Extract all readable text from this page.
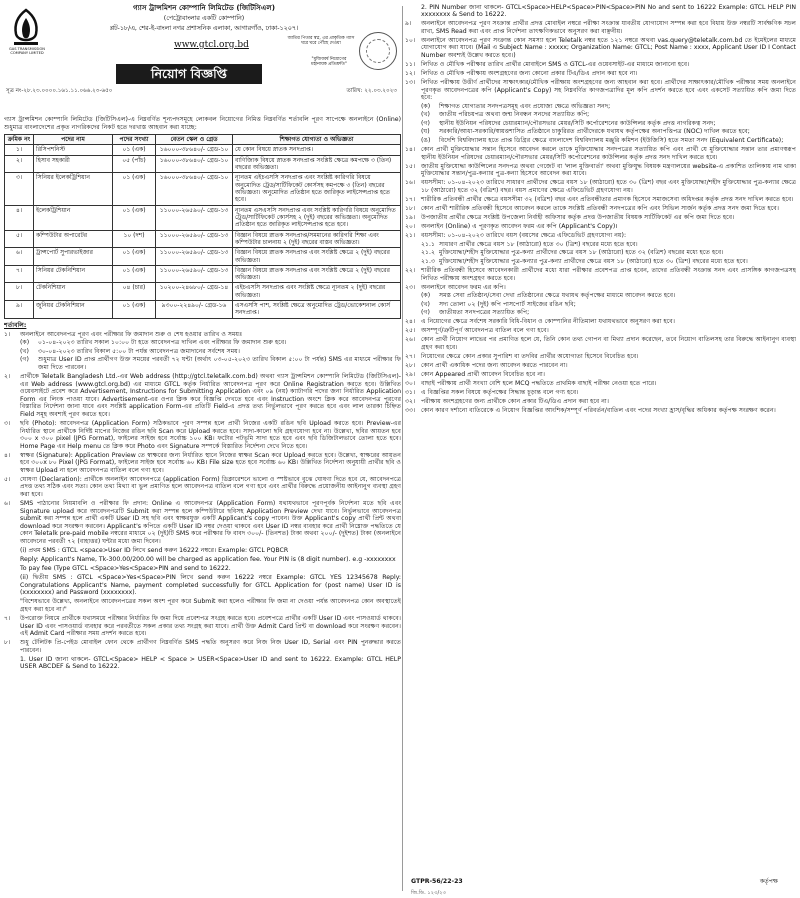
GAS TRANSMISSION COMPANY LIMITED
গ্যাস ট্রান্সমিশন কোম্পানি লিমিটেড (জিটিসিএল)
(পেট্রোবাংলার একটি কোম্পানি)
প্লট-১৮/এ, শের-ই-বাংলা নগর প্রশাসনিক এলাকা, আগারগাঁও, ঢাকা-১২০৭।
www.gtcl.org.bd
জাতির পিতার স্বপ্ন, এর প্রাকৃতিক গ্যাস ঘরে ঘরে পৌঁছে দেওয়া
"মুজিববর্ষ নিয়োগের মহানায়ক প্রতিশ্রুতি"
নিয়োগ বিজ্ঞপ্তি
সূত্র নং-২৮.২৩.০০০০.১৬১.১১.০৬৬.২৩-৬৫০	তারিখ: ২২.০৩.২০২৩
গ্যাস ট্রান্সমিশন কোম্পানি লিমিটেড (জিটিসিএল)-এ নিম্নবর্ণিত শূন্যপদসমূহে লোকবল নিয়োগের নিমিত্ত নিম্নবর্ণিত শর্তাবলি পূরণ সাপেক্ষে অনলাইনে (Online) শুধুমাত্র বাংলাদেশের প্রকৃত নাগরিকদের নিকট হতে দরখাস্ত আহবান করা যাচ্ছে:
ক্রমিক নং	পদের নাম	পদের সংখ্যা	বেতন স্কেল ও গ্রেড	শিক্ষাগত যোগ্যতা ও অভিজ্ঞতা
১।	রিসিপশনিস্ট	০১ (এক)	১৬০০০-৩৮৬৪০/- গ্রেড-১০	যে কোন বিষয়ে স্নাতক সনদপ্রাপ্ত।
২।	হিসাব সহকারী	০৫ (পাঁচ)	১৬০০০-৩৮৬৪০/- গ্রেড-১০	বাণিজ্যিক বিষয়ে স্নাতক সনদপ্রাপ্ত সংশ্লিষ্ট ক্ষেত্রে কমপক্ষে ৩ (তিন) বছরের অভিজ্ঞতা।
৩।	সিনিয়র ইলেকট্রিশিয়ান	০১ (এক)	১৬০০০-৩৮৬৪০/- গ্রেড-১০	ন্যূনতম এইচএসসি সনদপ্রাপ্ত এবং সংশ্লিষ্ট কারিগরি বিষয়ে অনুমোদিত ট্রেড/সার্টিফিকেট কোর্সসহ কমপক্ষে ৩ (তিন) বছরের অভিজ্ঞতা। অনুমোদিত প্রতিষ্ঠান হতে জারিকৃত লাইসেন্সপ্রাপ্ত হতে হবে।
৪।	ইলেকট্রিশিয়ান	০১ (এক)	১১০০০-২৬৫৯০/- গ্রেড-১৩	ন্যূনতম এসএসসি সনদপ্রাপ্ত এবং সংশ্লিষ্ট কারিগরি বিষয়ে অনুমোদিত ট্রেড/সার্টিফিকেট কোর্সসহ ২ (দুই) বছরের অভিজ্ঞতা। অনুমোদিত প্রতিষ্ঠান হতে জারিকৃত লাইসেন্সপ্রাপ্ত হতে হবে।
৫।	কম্পিউটার অপারেটর	১০ (দশ)	১১০০০-২৬৫৯০/- গ্রেড-১৩	বিজ্ঞান বিষয়ে স্নাতক সনদপ্রাপ্ত/সমমানের কারিগরি শিক্ষা এবং কম্পিউটার চালনায় ২ (দুই) বছরের বাস্তব অভিজ্ঞতা।
৬।	ট্রান্সপোর্ট সুপারভাইজার	০১ (এক)	১১০০০-২৬৫৯০/- গ্রেড-১৩	বিজ্ঞান বিষয়ে স্নাতক সনদপ্রাপ্ত এবং সংশ্লিষ্ট ক্ষেত্রে ২ (দুই) বছরের অভিজ্ঞতা।
৭।	সিনিয়র টেকনিশিয়ান	০১ (এক)	১১০০০-২৬৫৯০/- গ্রেড-১৩	বিজ্ঞান বিষয়ে স্নাতক সনদপ্রাপ্ত এবং সংশ্লিষ্ট ক্ষেত্রে ২ (দুই) বছরের অভিজ্ঞতা।
৮।	টেকনিশিয়ান	০৪ (চার)	১০২০০-২৪৬৮০/- গ্রেড-১৪	এইচএসসি সনদপ্রাপ্ত এবং সংশ্লিষ্ট ক্ষেত্রে ন্যূনতম ২ (দুই) বছরের অভিজ্ঞতা।
৯।	জুনিয়র টেকনিশিয়ান	০১ (এক)	৯৩০০-২২৪৯০/- গ্রেড-১৬	এসএসসি পাশ, সংশ্লিষ্ট ক্ষেত্রে অনুমোদিত ট্রেড/ভোকেশনাল কোর্স সনদপ্রাপ্ত।
শর্তাবলি:
১।	অনলাইনে আবেদনপত্র পূরণ এবং পরীক্ষার ফি জমাদান শুরু ও শেষ হওয়ার তারিখ ও সময়ঃ
(ক)	০১-০৪-২০২৩ তারিখ সকাল ১০:০০ টা হতে আবেদনপত্র দাখিল এবং পরীক্ষার ফি জমাদান শুরু হবে।
(খ)	৩০-০৪-২০২৩ তারিখ বিকাল ৫:০০ টা পর্যন্ত আবেদনপত্র জমাদানের সর্বশেষ সময়।
(গ)	শুধুমাত্র User ID প্রাপ্ত প্রার্থীগণ উক্ত সময়ের পরবর্তী ৭২ ঘন্টা (অর্থাৎ ০৩-০৫-২০২৩ তারিখ বিকাল ৫:০০ টা পর্যন্ত) SMS এর মাধ্যমে পরীক্ষার ফি জমা দিতে পারবেন।
২।	প্রার্থীকে Teletalk Bangladesh Ltd.-এর Web address (http://gtcl.teletalk.com.bd) অথবা গ্যাস ট্রান্সমিশন কোম্পানি লিমিটেড (জিটিসিএল)-এর Web address (www.gtcl.org.bd) এর মাধ্যমে GTCL কর্তৃক নির্ধারিত আবেদনপত্র পূরণ করে Online Registration করতে হবে। উল্লিখিত ওয়েবসাইটে প্রবেশ করে Advertisement, Instructions for Submitting Application এবং ০৯ (নয়) ক্যাটাগরি পদের জন্য নির্ধারিত Application Form এর লিংক পাওয়া যাবে। Advertisement-এর ওপর ক্লিক করে বিজ্ঞপ্তি দেখতে হবে এবং Instruction অংশে ক্লিক করে আবেদনপত্র পূরণের বিস্তারিত নির্দেশনা জানা যাবে এবং সংশ্লিষ্ট application Form-এর প্রতিটি Field-এ প্রদত্ত তথ্য নির্ভুলভাবে পূরণ করতে হবে এবং লাল তারকা চিহ্নিত Field সমূহ অবশ্যই পূরণ করতে হবে।
৩।	ছবি (Photo): আবেদনপত্র (Application Form) সঠিকভাবে পূরণ সম্পন্ন হলে প্রার্থী নিজের একটি রঙিন ছবি Upload করতে হবে। Preview-এর নির্ধারিত স্থানে প্রার্থীকে নির্দিষ্ট মাপের নিজের রঙিন ছবি Scan করে Upload করতে হবে। সাদা-কালো ছবি গ্রহণযোগ্য হবে না। উল্লেখ্য, ছবির আয়তন হবে ৩০০ x ৩০০ pixel (JPG Format), ফাইলের সাইজ হবে সর্বোচ্চ ১০০ KB। ফটোর পটভূমি সাদা হতে হবে এবং ছবি ডিজিটালভাবে তোলা হতে হবে। Home Page এর Help menu তে ক্লিক করে Photo এবং Signature সম্পর্কে বিস্তারিত নির্দেশনা দেখে নিতে হবে।
৪।	স্বাক্ষর (Signature): Application Preview তে স্বাক্ষরের জন্য নির্ধারিত স্থানে নিজের স্বাক্ষর Scan করে Upload করতে হবে। উল্লেখ্য, স্বাক্ষরের আয়তন হবে ৩০০x ৮০ Pixel (JPG Format), ফাইলের সাইজ হবে সর্বোচ্চ ৬০ KB। File size হতে হবে সর্বোচ্চ ৬০ KB। উল্লিখিত নির্দেশনা অনুযায়ী প্রার্থীর ছবি ও স্বাক্ষর Upload না হলে আবেদনপত্র বাতিল বলে গণ্য হবে।
৫।	ঘোষণা (Declaration): প্রার্থীকে অনলাইন আবেদনপত্রে (application Form) ডিক্লারেশনে ভালো ও স্পষ্টভাবে বুঝে ঘোষণা দিতে হবে যে, আবেদনপত্রে প্রদত্ত তথ্য সঠিক এবং সত্য। কোন তথ্য মিথ্যা বা ভুল প্রমাণিত হলে আবেদনপত্র বাতিল বলে গণ্য হবে এবং প্রার্থীর বিরুদ্ধে প্রয়োজনীয় আইনানুগ ব্যবস্থা গ্রহণ করা হবে।
৬।	SMS পাঠানোর নিয়মাবলি ও পরীক্ষার ফি প্রদান: Online এ আবেদনপত্র (Application Form) যথাযথভাবে পূরণপূর্বক নির্দেশনা মতে ছবি এবং Signature upload করে আবেদনপত্রটি Submit করা সম্পন্ন হলে কম্পিউটারে ছবিসহ Application Preview দেখা যাবে। নির্ভুলভাবে আবেদনপত্র submit করা সম্পন্ন হলে প্রার্থী একটি User ID সহ ছবি এবং স্বাক্ষরযুক্ত একটি Applicant's copy পাবেন। উক্ত Applicant's copy প্রার্থী প্রিন্ট অথবা download করে সংরক্ষণ করবেন। Applicant's কপিতে একটি User ID নম্বর দেওয়া থাকবে এবং User ID নম্বর ব্যবহার করে প্রার্থী নিম্নোক্ত পদ্ধতিতে যে কোন Teletalk pre-paid mobile নম্বরের মাধ্যমে ০২ (দুই)টি SMS করে পরীক্ষার ফি বাবদ ৩০০/- (তিনশত) টাকা অথবা ২০০/- (দুইশত) টাকা (অনলাইনে আবেদনের পরবর্তী ৭২ (বাহাত্তর) ঘন্টার মধ্যে জমা দিবেন।
(i) প্রথম SMS : GTCL <space>User ID লিখে send করুন 16222 নম্বরে। Example: GTCL PQBCR
Reply: Applicant's Name, Tk-300.00/200.00 will be charged as application fee. Your PIN is (8 digit number). e.g -xxxxxxxx
To pay fee (Type GTCL <Space>Yes<Space>PIN and send to 16222.
(ii) দ্বিতীয় SMS : GTCL <Space>Yes<Space>PIN লিখে send করুন 16222 নম্বরে Example: GTCL YES 12345678 Reply: Congratulations Applicant's Name, payment completed successfully for GTCL Application for (post name) User ID is (xxxxxxxx) and Password (xxxxxxxx).
"বিশেষভাবে উল্লেখ্য, অনলাইনে আবেদনপত্রের সকল অংশ পূরণ করে Submit করা হলেও পরীক্ষার ফি জমা না দেওয়া পর্যন্ত আবেদনপত্র কোন অবস্থাতেই গ্রহণ করা হবে না।"
৭।	উপরোক্ত নিয়মে প্রার্থীকে যথাসময়ে পরীক্ষার নির্ধারিত ফি জমা দিয়ে প্রবেশপত্র সংগ্রহ করতে হবে। প্রবেশপত্রে প্রার্থীর একটি User ID এবং পাসওয়ার্ড থাকবে। User ID এবং পাসওয়ার্ড ব্যবহার করে পরবর্তীতে সকল প্রকার তথ্য সংগ্রহ করা যাবে। প্রার্থী উক্ত Admit Card প্রিন্ট বা download করে সংরক্ষণ করবেন। এই Admit Card পরীক্ষার সময় প্রদর্শন করতে হবে।
৮।	শুধু টেলিটক প্রি-পেইড মোবাইল ফোন থেকে প্রার্থীগণ নিম্নবর্ণিত SMS পদ্ধতি অনুসরণ করে নিজ নিজ User ID, Serial এবং PIN পুনরুদ্ধার করতে পারবেন।
1. User ID জানা থাকলে- GTCL<Space> HELP < Space > USER<Space>User ID and sent to 16222. Example: GTCL HELP USER ABCDEF & Send to 16222.
2. PIN Number জানা থাকলে- GTCL<Space>HELP<Space>PIN<Space>PIN No and sent to 16222 Example: GTCL HELP PIN xxxxxxxx & Send to 16222.
৯।	অনলাইনে আবেদনপত্র পূরণ সংক্রান্ত প্রার্থীর প্রদত্ত মোবাইল নম্বরে পরীক্ষা সংক্রান্ত যাবতীয় যোগাযোগ সম্পন্ন করা হবে বিধায় উক্ত নম্বরটি সার্বক্ষণিক সচল রাখা, SMS Read করা এবং প্রাপ্ত নির্দেশনা তাৎক্ষণিকভাবে অনুসরণ করা বাঞ্ছনীয়।
১০। অনলাইনে আবেদনপত্র পূরণ সংক্রান্ত কোন সমস্যা হলে Teletalk নম্বর হতে ১২১ নম্বরে অথবা vas.query@teletalk.com.bd তে ইমেইলের মাধ্যমে যোগাযোগ করা যাবে। (Mail এ Subject Name : xxxxx; Organization Name: GTCL; Post Name : xxxx, Applicant User ID I Contact Number অবশ্যই উল্লেখ করতে হবে।)
১১। লিখিত ও মৌখিক পরীক্ষার তারিখ প্রার্থীর মোবাইলে SMS ও GTCL-এর ওয়েবসাইট-এর মাধ্যমে জানানো হবে।
১২। লিখিত ও মৌখিক পরীক্ষায় অংশগ্রহণের জন্য কোনো প্রকার টিএ/ডিএ প্রদান করা হবে না।
১৩। লিখিত পরীক্ষায় উত্তীর্ণ প্রার্থীদের সাক্ষাৎকার/মৌখিক পরীক্ষায় অংশগ্রহণের জন্য আহবান করা হবে। প্রার্থীদের সাক্ষাৎকার/মৌখিক পরীক্ষার সময় অনলাইনে পূরণকৃত আবেদনপত্রের কপি (Applicant's Copy) সহ নিম্নবর্ণিত কাগজপত্রাদির মূল কপি প্রদর্শন করতে হবে এবং একসেট সত্যায়িত কপি জমা দিতে হবে:
(ক)	শিক্ষাগত যোগ্যতার সনদপত্রসমূহ এবং প্রযোজ্য ক্ষেত্রে অভিজ্ঞতা সনদ;
(খ)	জাতীয় পরিচয়পত্র অথবা জন্ম নিবন্ধন সনদের সত্যায়িত কপি;
(গ)	স্থানীয় ইউনিয়ন পরিষদের চেয়ারম্যান/পৌরসভার মেয়র/সিটি কর্পোরেশনের কাউন্সিলর কর্তৃক প্রদত্ত নাগরিকত্ব সনদ;
(ঘ)	সরকারি/আধা-সরকারি/স্বায়ত্তশাসিত প্রতিষ্ঠানে চাকুরিরত প্রার্থীদেরকে যথাযথ কর্তৃপক্ষের অনাপত্তিপত্র (NOC) দাখিল করতে হবে;
(ঙ)	বিদেশি বিশ্ববিদ্যালয় হতে প্রাপ্ত ডিগ্রির ক্ষেত্রে বাংলাদেশ বিশ্ববিদ্যালয় মঞ্জুরি কমিশন (ইউজিসি) হতে সমতা সনদ (Equivalent Certificate);
১৪। কোন প্রার্থী মুক্তিযোদ্ধার সন্তান হিসেবে আবেদন করলে তাকে মুক্তিযোদ্ধার সনদপত্রের সত্যায়িত কপি এবং প্রার্থী যে মুক্তিযোদ্ধার সন্তান তার প্রমাণস্বরূপ স্থানীয় ইউনিয়ন পরিষদের চেয়ারম্যান/পৌরসভার মেয়র/সিটি কর্পোরেশনের কাউন্সিলর কর্তৃক প্রদত্ত সনদ দাখিল করতে হবে।
১৫। জাতীয় মুক্তিযোদ্ধা কাউন্সিলের সনদপত্র অথবা গেজেট বা 'লাল মুক্তিবার্তা' অথবা মুক্তিযুদ্ধ বিষয়ক মন্ত্রণালয়ের website-এ প্রকাশিত তালিকায় নাম থাকা মুক্তিযোদ্ধার সন্তান/পুত্র-কন্যার পুত্র-কন্যা হিসেবে আবেদন করা যাবে।
১৬। বয়সসীমা: ০১-০৪-২০২৩ তারিখে সাধারণ প্রার্থীদের ক্ষেত্রে বয়স ১৮ (আঠারো) হতে ৩০ (ত্রিশ) বছর এবং মুক্তিযোদ্ধা/শহীদ মুক্তিযোদ্ধার পুত্র-কন্যার ক্ষেত্রে ১৮ (আঠারো) হতে ৩২ (বত্রিশ) বছর। বয়স প্রমাণের ক্ষেত্রে এফিডেভিট গ্রহণযোগ্য নয়।
১৭। শারীরিক প্রতিবন্ধী প্রার্থীর ক্ষেত্রে বয়সসীমা ৩২ (বত্রিশ) বছর এবং প্রতিবন্ধীতার প্রমাণক হিসেবে সমাজসেবা অধিদপ্তর কর্তৃক প্রদত্ত সনদ দাখিল করতে হবে।
১৮। কোন প্রার্থী শারীরিক প্রতিবন্ধী হিসেবে আবেদন করলে তাকে সংশ্লিষ্ট প্রতিবন্ধী সনদপত্রের কপি এবং সিভিল সার্জন কর্তৃক প্রদত্ত সনদ জমা দিতে হবে।
১৯। উপজাতীয় প্রার্থীর ক্ষেত্রে সংশ্লিষ্ট উপজেলা নির্বাহী অফিসার কর্তৃক প্রদত্ত উপজাতীয় বিষয়ক সার্টিফিকেট এর কপি জমা দিতে হবে।
২০। অনলাইন (Online) এ পূরণকৃত আবেদন ফরম এর কপি (Applicant's Copy)।
২১। বয়সসীমা: ০১-০৪-২০২৩ তারিখে বয়স (বয়সের ক্ষেত্রে এফিডেভিট গ্রহণযোগ্য নয়):
২১.১ সাধারণ প্রার্থীর ক্ষেত্রে বয়স ১৮ (আঠারো) হতে ৩০ (ত্রিশ) বছরের মধ্যে হতে হবে।
২১.২ মুক্তিযোদ্ধা/শহীদ মুক্তিযোদ্ধার পুত্র-কন্যা প্রার্থীদের ক্ষেত্রে বয়স ১৮ (আঠারো) হতে ৩২ (বত্রিশ) বছরের মধ্যে হতে হবে।
২১.৩ মুক্তিযোদ্ধা/শহীদ মুক্তিযোদ্ধার পুত্র-কন্যার পুত্র-কন্যা প্রার্থীদের ক্ষেত্রে বয়স ১৮ (আঠারো) হতে ৩০ (ত্রিশ) বছরের মধ্যে হতে হবে।
২২। শারীরিক প্রতিবন্ধী হিসেবে আবেদনকারী প্রার্থীদের মধ্যে যারা পরীক্ষার প্রবেশপত্র প্রাপ্ত হবেন, তাদের প্রতিবন্ধী সংক্রান্ত সনদ এবং প্রাসঙ্গিক কাগজপত্রসহ লিখিত পরীক্ষায় অংশগ্রহণ করতে হবে।
২৩। অনলাইনে আবেদন ফরম এর কপি।
(ক)	সমস্ত সেবা প্রতিষ্ঠান/সেবা দেখা প্রতিষ্ঠানের ক্ষেত্রে যথাযথ কর্তৃপক্ষের মাধ্যমে আবেদন করতে হবে।
(খ)	সদ্য তোলা ০২ (দুই) কপি পাসপোর্ট সাইজের রঙিন ছবি;
(গ)	জাতীয়তা সনদপত্রের সত্যায়িত কপি;
২৪। এ নিয়োগের ক্ষেত্রে সর্বশেষ সরকারি বিধি-বিধান ও কোম্পানির নীতিমালা যথাযথভাবে অনুসরণ করা হবে।
২৫। অসম্পূর্ণ/ত্রুটিপূর্ণ আবেদনপত্র বাতিল বলে গণ্য হবে।
২৬। কোন প্রার্থী নিয়োগ লাভের পর প্রমাণিত হলে যে, তিনি কোন তথ্য গোপন বা মিথ্যা প্রদান করেছেন, তবে নিয়োগ বাতিলসহ তার বিরুদ্ধে আইনানুগ ব্যবস্থা গ্রহণ করা হবে।
২৭। নিয়োগের ক্ষেত্রে কোন প্রকার সুপারিশ বা তদবির প্রার্থীর অযোগ্যতা হিসেবে বিবেচিত হবে।
২৮। কোন প্রার্থী একাধিক পদের জন্য আবেদন করতে পারবেন না।
২৯। কোন Appeared প্রার্থী আবেদন বিবেচিত হবে না।
৩০। বাছাই পরীক্ষায় প্রার্থী সংখ্যা বেশি হলে MCQ পদ্ধতিতে প্রাথমিক বাছাই পরীক্ষা নেওয়া হতে পারে।
৩১। এ বিজ্ঞপ্তির সকল বিষয়ে কর্তৃপক্ষের সিদ্ধান্ত চূড়ান্ত বলে গণ্য হবে।
৩২। পরীক্ষায় অংশগ্রহণের জন্য প্রার্থীকে কোন প্রকার টিএ/ডিএ প্রদান করা হবে না।
৩৩। কোন কারণ দর্শানো ব্যতিরেকে এ নিয়োগ বিজ্ঞপ্তির আংশিক/সম্পূর্ণ পরিবর্তন/বাতিল এবং পদের সংখ্যা হ্রাস/বৃদ্ধির অধিকার কর্তৃপক্ষ সংরক্ষণ করেন।
GTPR-56/22-23
জি.ডি. ১২৩/২৩
কর্তৃপক্ষ
